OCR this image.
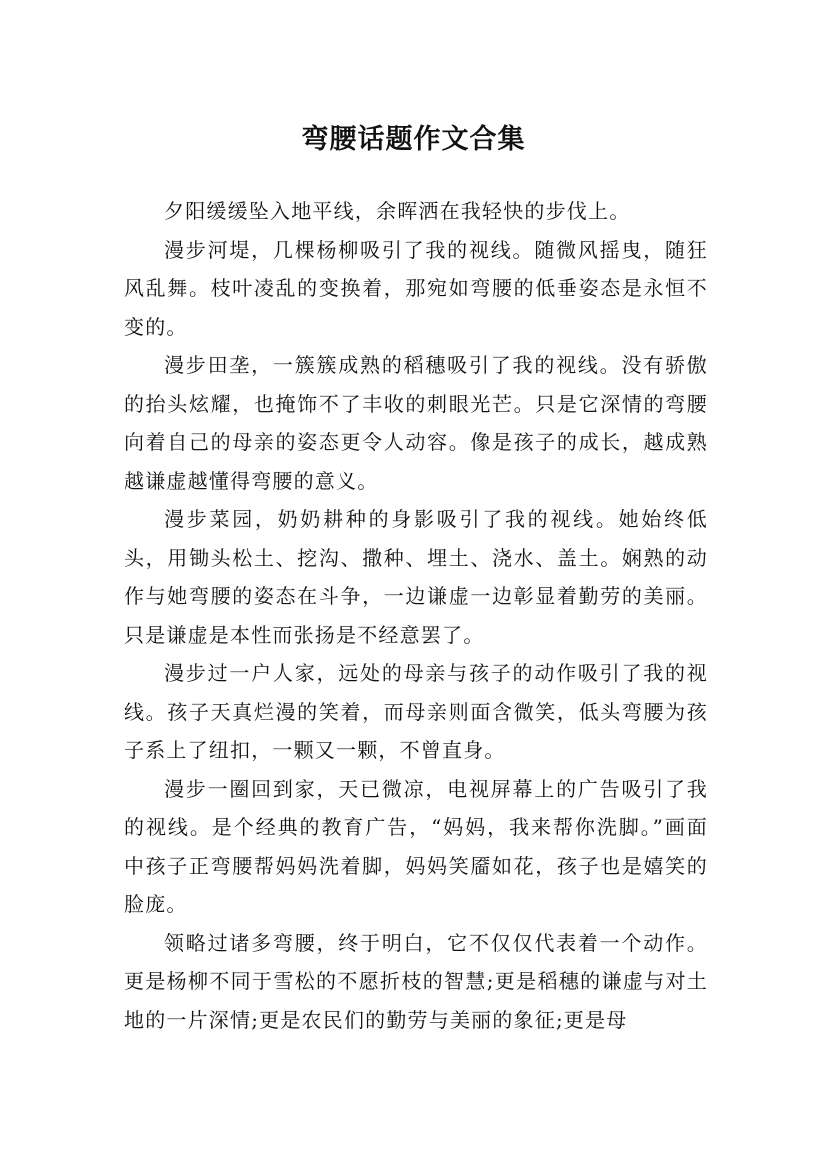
弯腰话题作文合集

夕阳缓缓坠入地平线，余晖洒在我轻快的步伐上。

漫步河堤，几棵杨柳吸引了我的视线。随微风摇曳，随狂风乱舞。枝叶凌乱的变换着，那宛如弯腰的低垂姿态是永恒不变的。

漫步田垄，一簇簇成熟的稻穗吸引了我的视线。没有骄傲的抬头炫耀，也掩饰不了丰收的刺眼光芒。只是它深情的弯腰向着自己的母亲的姿态更令人动容。像是孩子的成长，越成熟越谦虚越懂得弯腰的意义。

漫步菜园，奶奶耕种的身影吸引了我的视线。她始终低头，用锄头松土、挖沟、撒种、埋土、浇水、盖土。娴熟的动作与她弯腰的姿态在斗争，一边谦虚一边彰显着勤劳的美丽。只是谦虚是本性而张扬是不经意罢了。

漫步过一户人家，远处的母亲与孩子的动作吸引了我的视线。孩子天真烂漫的笑着，而母亲则面含微笑，低头弯腰为孩子系上了纽扣，一颗又一颗，不曾直身。

漫步一圈回到家，天已微凉，电视屏幕上的广告吸引了我的视线。是个经典的教育广告，“妈妈，我来帮你洗脚。”画面中孩子正弯腰帮妈妈洗着脚，妈妈笑靥如花，孩子也是嬉笑的脸庞。

领略过诸多弯腰，终于明白，它不仅仅代表着一个动作。更是杨柳不同于雪松的不愿折枝的智慧;更是稻穗的谦虚与对土地的一片深情;更是农民们的勤劳与美丽的象征;更是母
